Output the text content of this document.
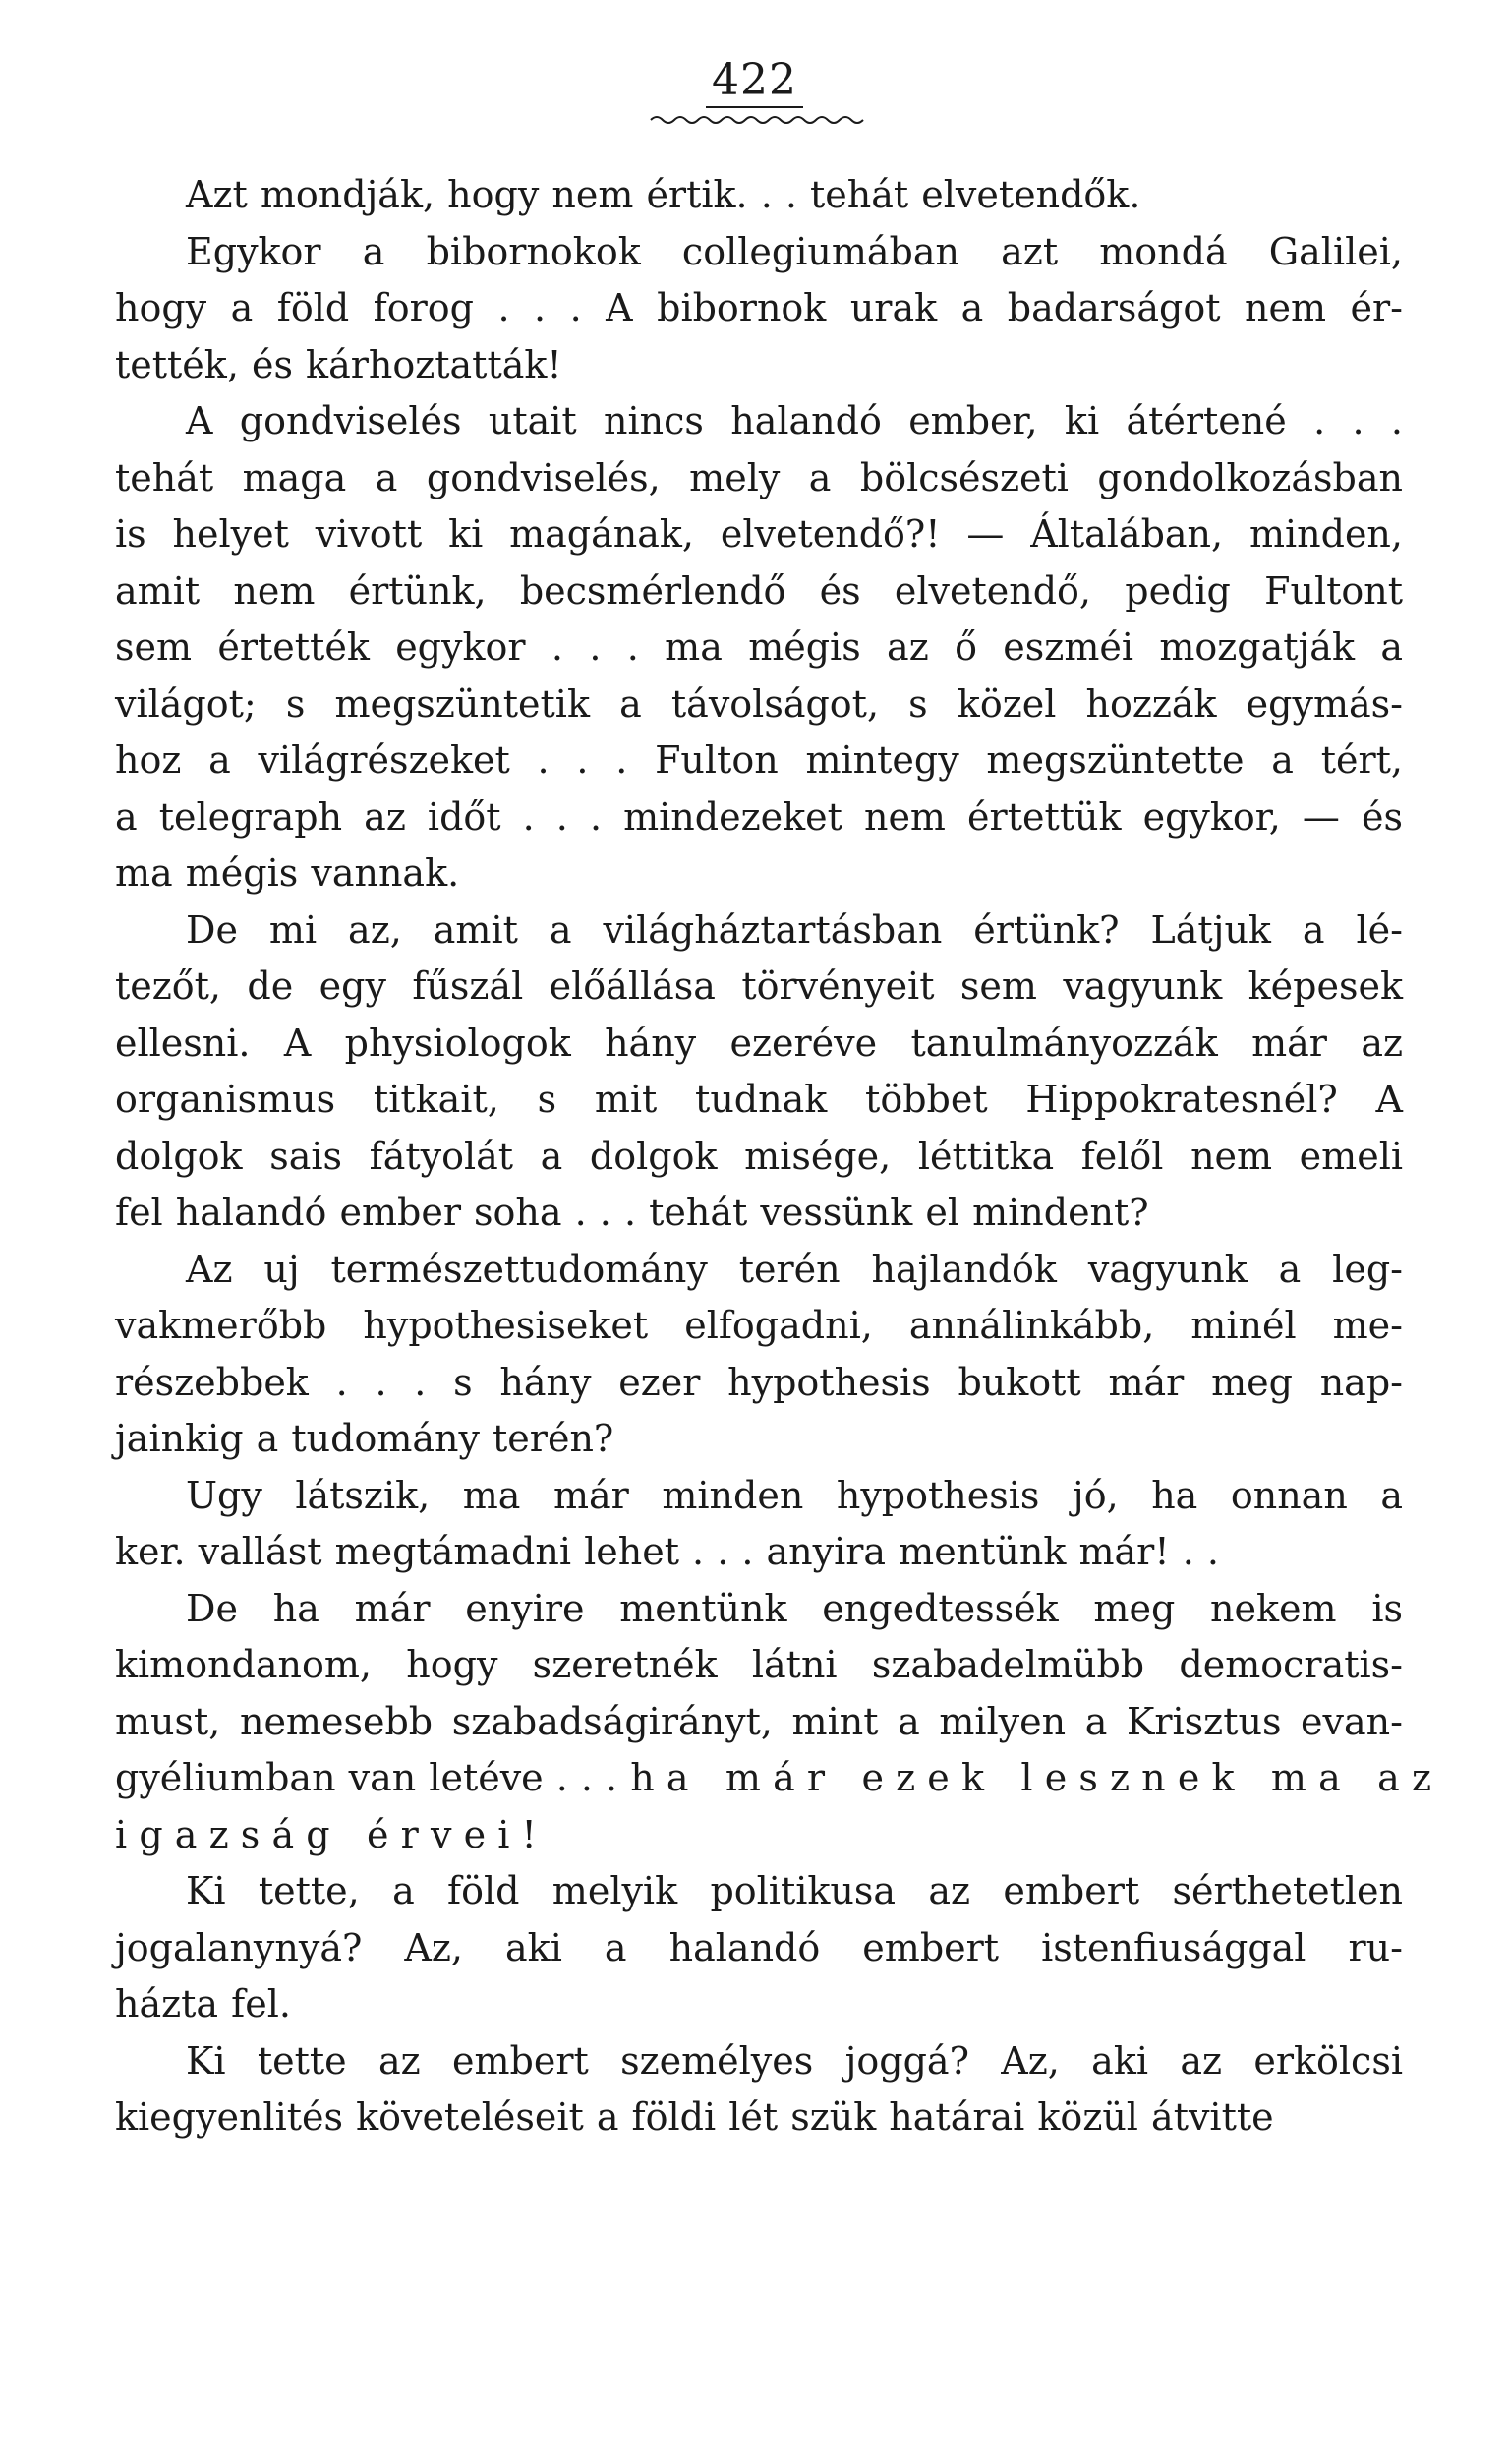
422
Azt mondják, hogy nem értik. . . tehát elvetendők.
Egykor a bibornokok collegiumában azt mondá Galilei,
hogy a föld forog . . . A bibornok urak a badarságot nem ér-
tették, és kárhoztatták!
A gondviselés utait nincs halandó ember, ki átértené . . .
tehát maga a gondviselés, mely a bölcsészeti gondolkozásban
is helyet vivott ki magának, elvetendő?! — Általában, minden,
amit nem értünk, becsmérlendő és elvetendő, pedig Fultont
sem értették egykor . . . ma mégis az ő eszméi mozgatják a
világot; s megszüntetik a távolságot, s közel hozzák egymás-
hoz a világrészeket . . . Fulton mintegy megszüntette a tért,
a telegraph az időt . . . mindezeket nem értettük egykor, — és
ma mégis vannak.
De mi az, amit a világháztartásban értünk? Látjuk a lé-
tezőt, de egy fűszál előállása törvényeit sem vagyunk képesek
ellesni. A physiologok hány ezeréve tanulmányozzák már az
organismus titkait, s mit tudnak többet Hippokratesnél? A
dolgok sais fátyolát a dolgok misége, léttitka felől nem emeli
fel halandó ember soha . . . tehát vessünk el mindent?
Az uj természettudomány terén hajlandók vagyunk a leg-
vakmerőbb hypothesiseket elfogadni, annálinkább, minél me-
részebbek . . . s hány ezer hypothesis bukott már meg nap-
jainkig a tudomány terén?
Ugy látszik, ma már minden hypothesis jó, ha onnan a
ker. vallást megtámadni lehet . . . anyira mentünk már! . .
De ha már enyire mentünk engedtessék meg nekem is
kimondanom, hogy szeretnék látni szabadelmübb democratis-
must, nemesebb szabadságirányt, mint a milyen a Krisztus evan-
gyéliumban van letéve . . . ha már ezek lesznek ma az
igazság érvei!
Ki tette, a föld melyik politikusa az embert sérthetetlen
jogalanynyá? Az, aki a halandó embert istenfiusággal ru-
házta fel.
Ki tette az embert személyes joggá? Az, aki az erkölcsi
kiegyenlités követeléseit a földi lét szük határai közül átvitte
